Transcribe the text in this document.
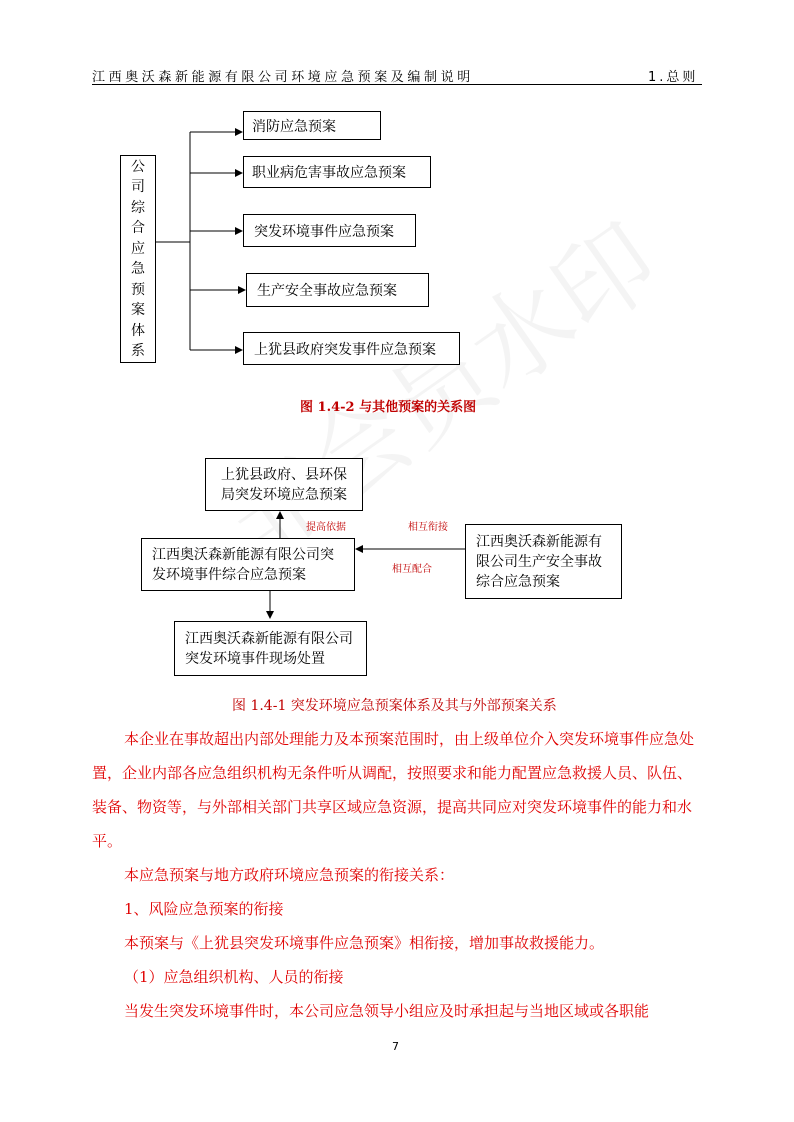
江西奥沃森新能源有限公司环境应急预案及编制说明	1.总则
公司综合应急预案体系
消防应急预案
职业病危害事故应急预案
突发环境事件应急预案
生产安全事故应急预案
上犹县政府突发事件应急预案
图 1.4-2 与其他预案的关系图
上犹县政府、县环保局突发环境应急预案
江西奥沃森新能源有限公司突发环境事件综合应急预案
江西奥沃森新能源有限公司生产安全事故综合应急预案
江西奥沃森新能源有限公司突发环境事件现场处置
提高依据	相互衔接
相互配合
图 1.4-1 突发环境应急预案体系及其与外部预案关系

本企业在事故超出内部处理能力及本预案范围时，由上级单位介入突发环境事件应急处置，企业内部各应急组织机构无条件听从调配，按照要求和能力配置应急救援人员、队伍、装备、物资等，与外部相关部门共享区域应急资源，提高共同应对突发环境事件的能力和水平。

本应急预案与地方政府环境应急预案的衔接关系：

1、风险应急预案的衔接

本预案与《上犹县突发环境事件应急预案》相衔接，增加事故救援能力。

（1）应急组织机构、人员的衔接

当发生突发环境事件时，本公司应急领导小组应及时承担起与当地区域或各职能

7
